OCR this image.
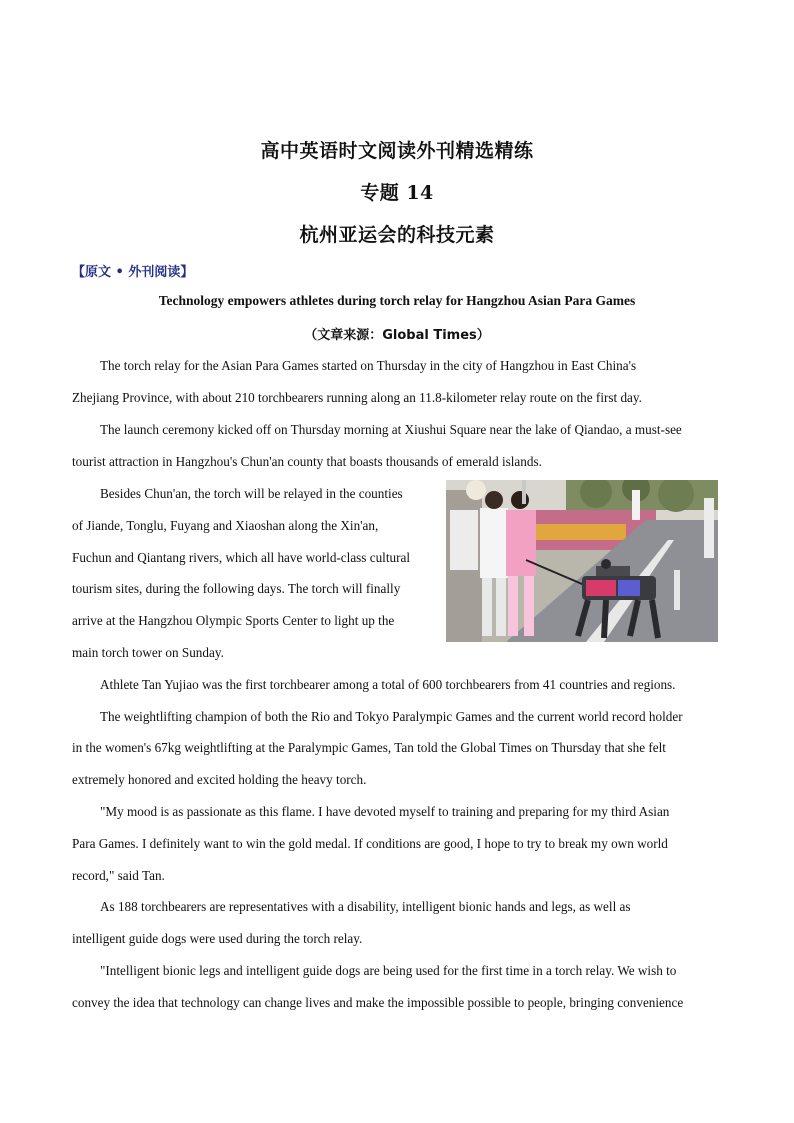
高中英语时文阅读外刊精选精练
专题 14
杭州亚运会的科技元素
【原文 • 外刊阅读】
Technology empowers athletes during torch relay for Hangzhou Asian Para Games
（文章来源：Global Times）
The torch relay for the Asian Para Games started on Thursday in the city of Hangzhou in East China's
Zhejiang Province, with about 210 torchbearers running along an 11.8-kilometer relay route on the first day.
The launch ceremony kicked off on Thursday morning at Xiushui Square near the lake of Qiandao, a must-see
tourist attraction in Hangzhou's Chun'an county that boasts thousands of emerald islands.
Besides Chun'an, the torch will be relayed in the counties
of Jiande, Tonglu, Fuyang and Xiaoshan along the Xin'an,
Fuchun and Qiantang rivers, which all have world-class cultural
tourism sites, during the following days. The torch will finally
arrive at the Hangzhou Olympic Sports Center to light up the
main torch tower on Sunday.
Athlete Tan Yujiao was the first torchbearer among a total of 600 torchbearers from 41 countries and regions.
The weightlifting champion of both the Rio and Tokyo Paralympic Games and the current world record holder
in the women's 67kg weightlifting at the Paralympic Games, Tan told the Global Times on Thursday that she felt
extremely honored and excited holding the heavy torch.
"My mood is as passionate as this flame. I have devoted myself to training and preparing for my third Asian
Para Games. I definitely want to win the gold medal. If conditions are good, I hope to try to break my own world
record," said Tan.
As 188 torchbearers are representatives with a disability, intelligent bionic hands and legs, as well as
intelligent guide dogs were used during the torch relay.
"Intelligent bionic legs and intelligent guide dogs are being used for the first time in a torch relay. We wish to
convey the idea that technology can change lives and make the impossible possible to people, bringing convenience
